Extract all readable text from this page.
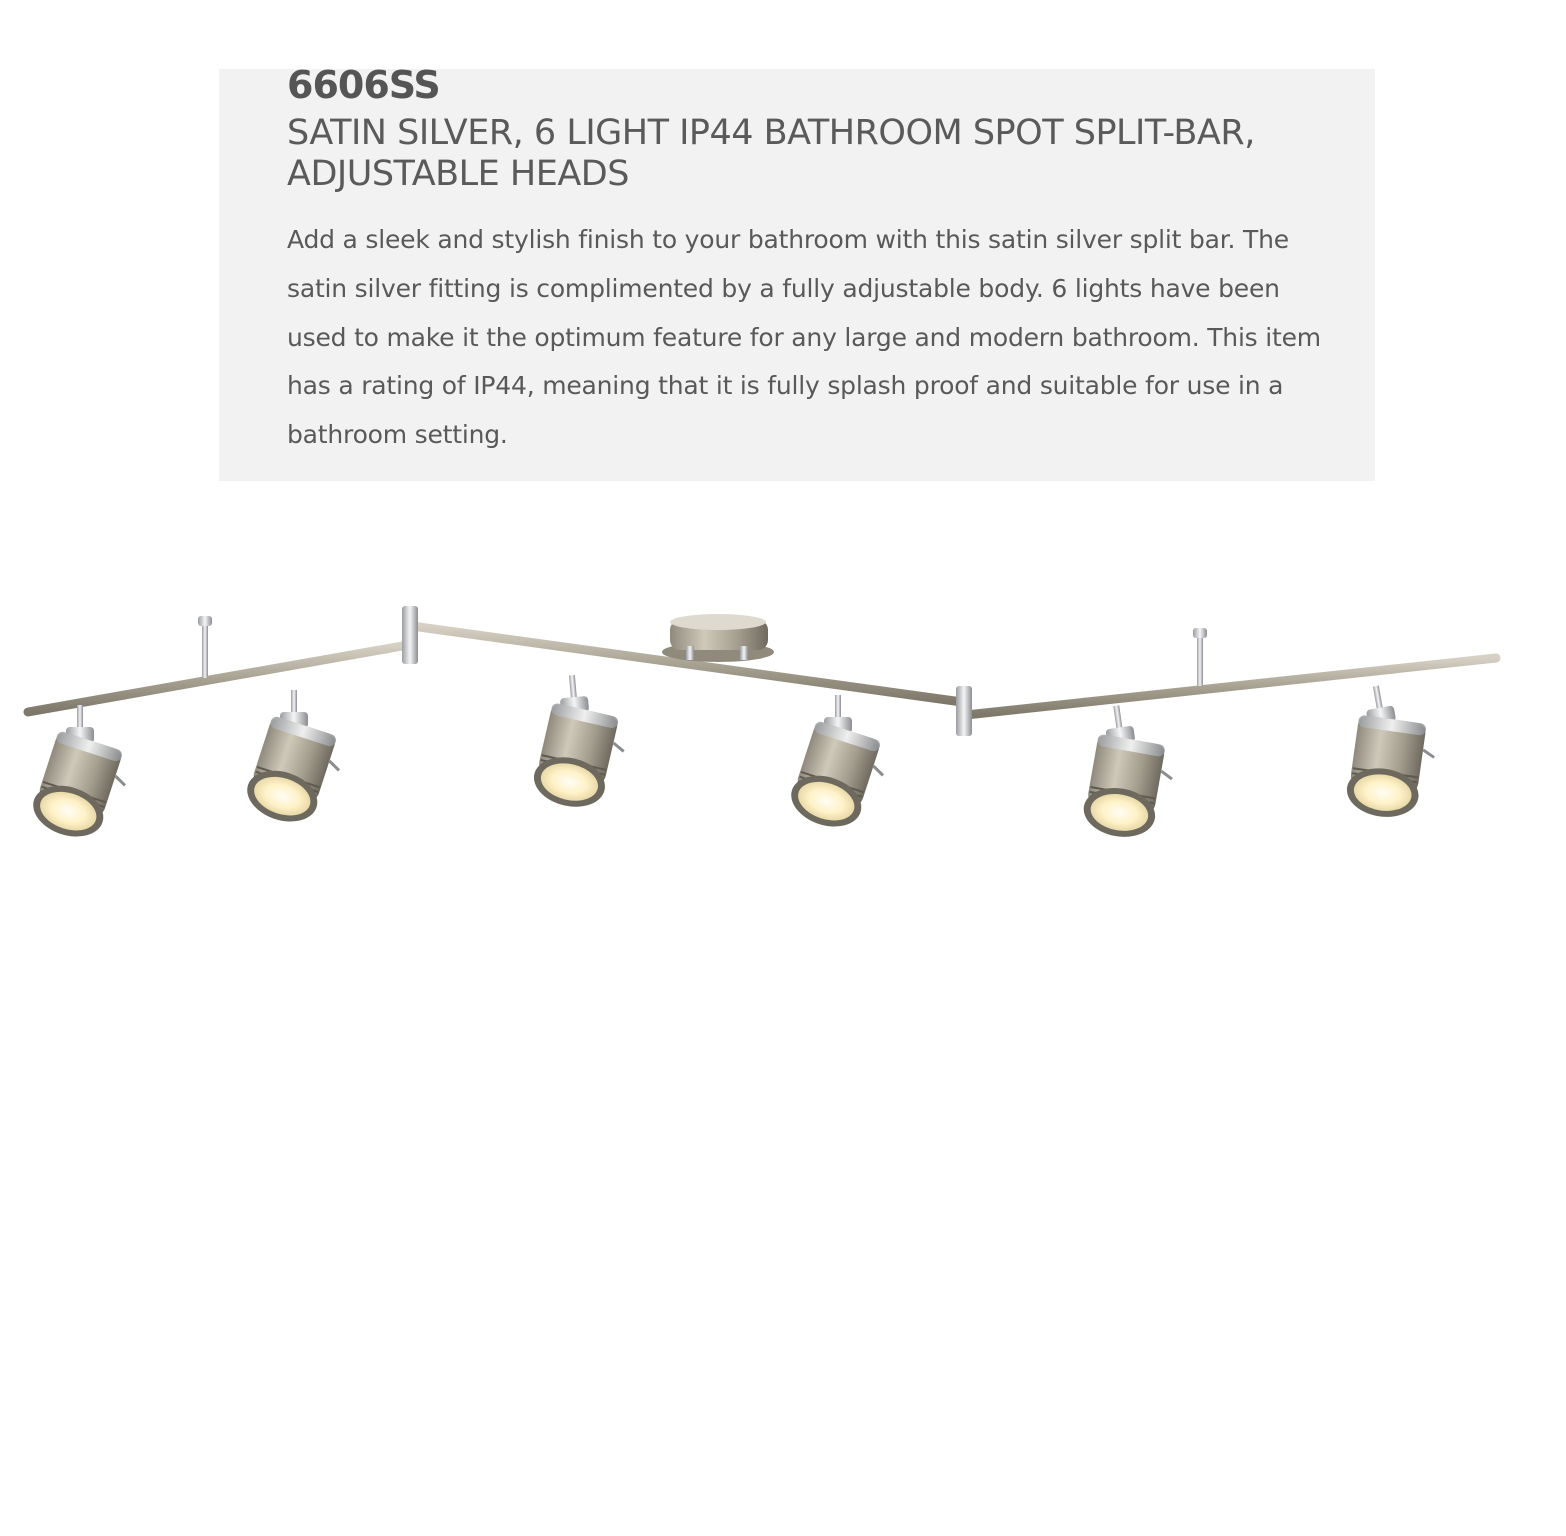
6606SS
SATIN SILVER, 6 LIGHT IP44 BATHROOM SPOT SPLIT-BAR, ADJUSTABLE HEADS

Add a sleek and stylish finish to your bathroom with this satin silver split bar. The satin silver fitting is complimented by a fully adjustable body. 6 lights have been used to make it the optimum feature for any large and modern bathroom. This item has a rating of IP44, meaning that it is fully splash proof and suitable for use in a bathroom setting.
